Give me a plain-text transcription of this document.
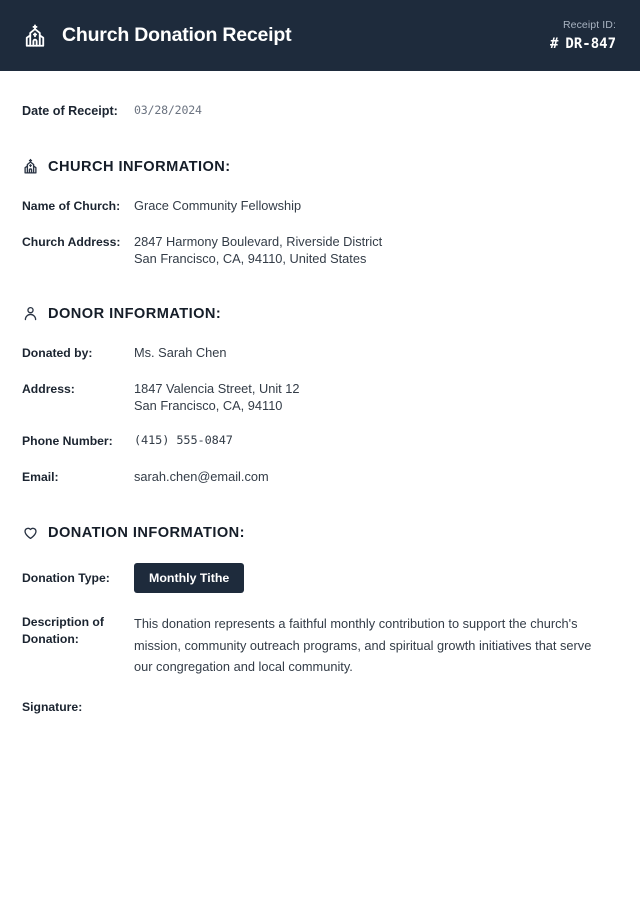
Church Donation Receipt	Receipt ID:
# DR-847
Date of Receipt:	03/28/2024
CHURCH INFORMATION:
Name of Church:	Grace Community Fellowship
Church Address:	2847 Harmony Boulevard, Riverside District
San Francisco, CA, 94110, United States
DONOR INFORMATION:
Donated by:	Ms. Sarah Chen
Address:	1847 Valencia Street, Unit 12
San Francisco, CA, 94110
Phone Number:	(415) 555-0847
Email:	sarah.chen@email.com
DONATION INFORMATION:
Donation Type:	Monthly Tithe
Description of Donation:
This donation represents a faithful monthly contribution to support the church's mission, community outreach programs, and spiritual growth initiatives that serve our congregation and local community.
Signature:
